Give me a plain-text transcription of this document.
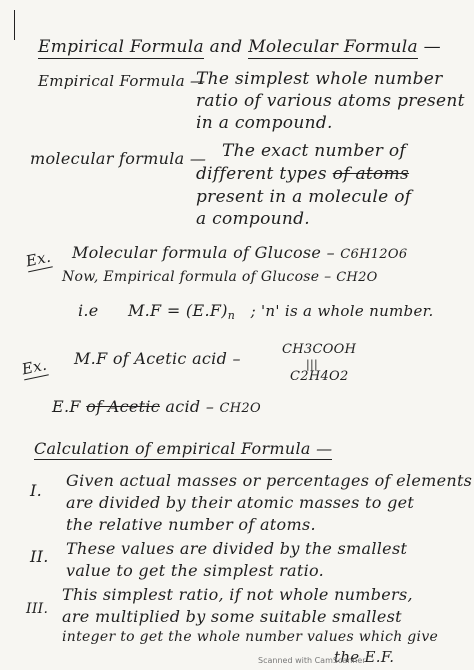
Empirical Formula and Molecular Formula —
Empirical Formula —
The simplest whole number
ratio of various atoms present
in a compound.
molecular formula — The exact number of
different types of atoms
present in a molecule of
a compound.
Ex. Molecular formula of Glucose – C6H12O6
Now, Empirical formula of Glucose – CH2O
i.e $M.F = (E.F)_n$ ; 'n' is a whole number.
Ex. M.F of Acetic acid –	CH3COOH
|||
C2H4O2
E.F of Acetic acid – CH2O
Calculation of empirical Formula —
I.
Given actual masses or percentages of elements
are divided by their atomic masses to get
the relative number of atoms.
II. These values are divided by the smallest
value to get the simplest ratio.
III.
This simplest ratio, if not whole numbers,
are multiplied by some suitable smallest
integer to get the whole number values which give
the E.F.
Scanned with CamScanner
